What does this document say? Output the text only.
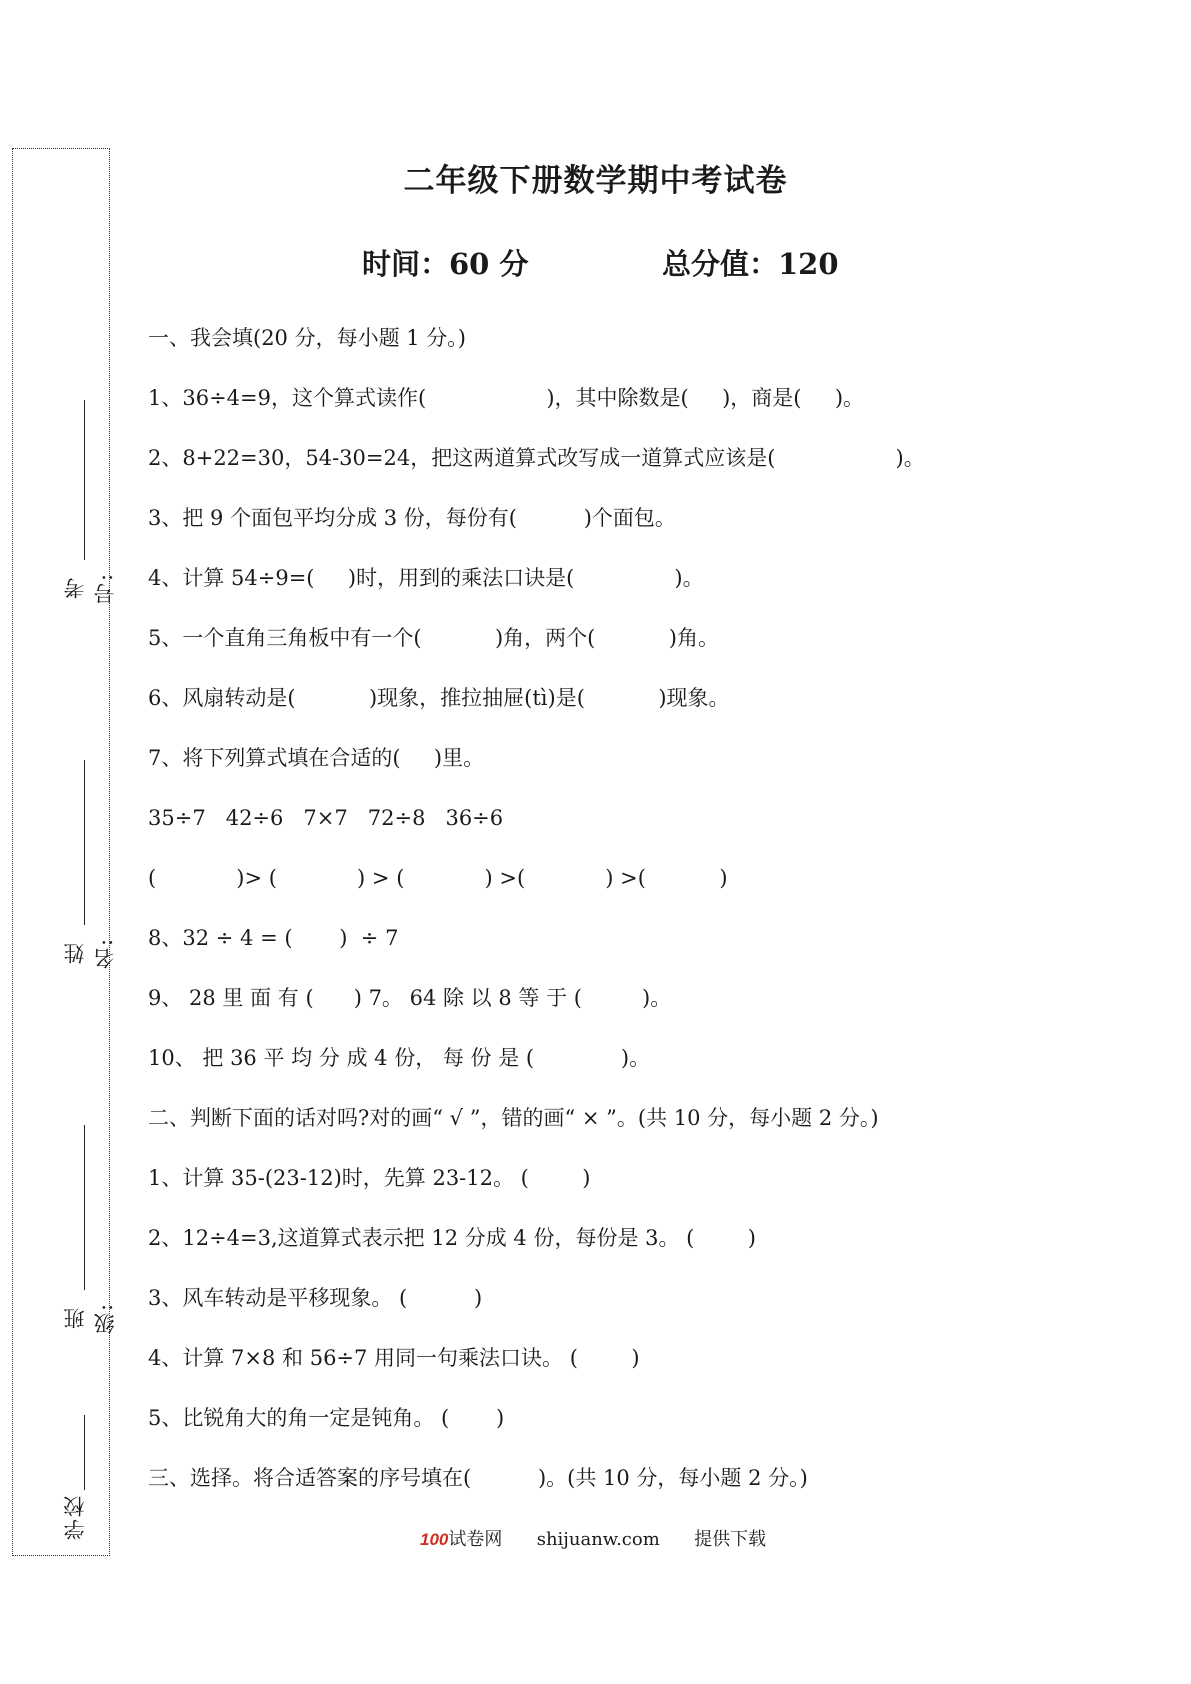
考号:
姓名:
班级:
学校
二年级下册数学期中考试卷
时间：60 分	总分值：120
一、我会填(20 分，每小题 1 分。)
1、36÷4=9，这个算式读作(                  )，其中除数是(     )，商是(     )。
2、8+22=30，54-30=24，把这两道算式改写成一道算式应该是(                  )。
3、把 9 个面包平均分成 3 份，每份有(          )个面包。
4、计算 54÷9=(     )时，用到的乘法口诀是(               )。
5、一个直角三角板中有一个(           )角，两个(           )角。
6、风扇转动是(           )现象，推拉抽屉(tì)是(           )现象。
7、将下列算式填在合适的(     )里。
35÷7   42÷6   7×7   72÷8   36÷6
(            )> (            ) > (            ) >(            ) >(           )
8、32 ÷ 4 = (       )  ÷ 7
9、 28 里 面 有 (      ) 7。 64 除 以 8 等 于 (         )。
10、 把 36 平 均 分 成 4 份， 每 份 是 (             )。
二、判断下面的话对吗?对的画“ √ ”，错的画“ × ”。(共 10 分，每小题 2 分。)
1、计算 35-(23-12)时，先算 23-12。 (        )
2、12÷4=3,这道算式表示把 12 分成 4 份，每份是 3。 (        )
3、风车转动是平移现象。 (          )
4、计算 7×8 和 56÷7 用同一句乘法口诀。 (        )
5、比锐角大的角一定是钝角。 (       )
三、选择。将合适答案的序号填在(          )。(共 10 分，每小题 2 分。)
100试卷网 shijuanw.com 提供下载
